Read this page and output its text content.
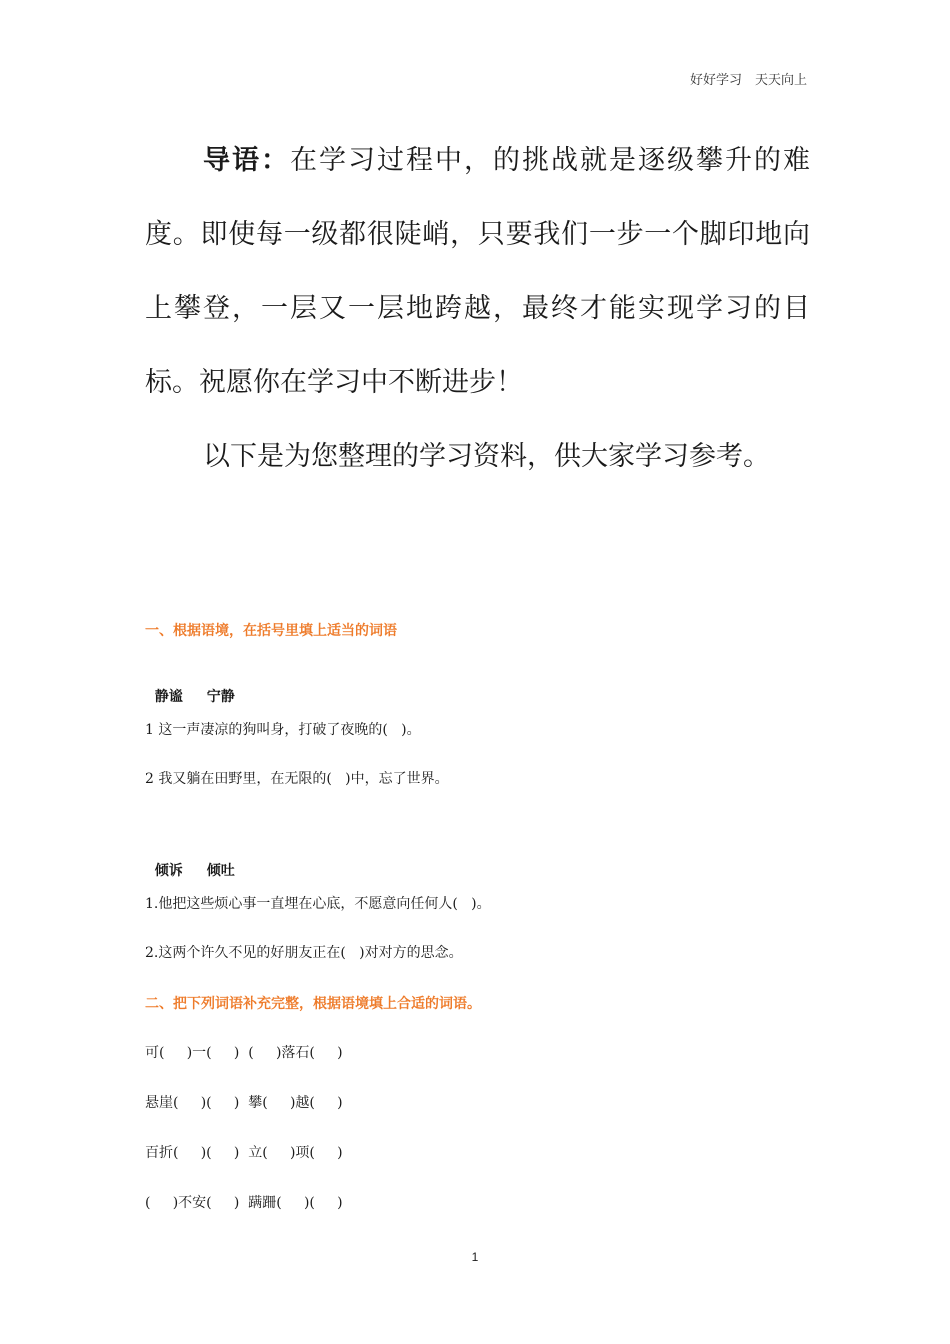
好好学习　天天向上

导语：在学习过程中，的挑战就是逐级攀升的难度。即使每一级都很陡峭，只要我们一步一个脚印地向上攀登，一层又一层地跨越，最终才能实现学习的目标。祝愿你在学习中不断进步！

以下是为您整理的学习资料，供大家学习参考。

一、根据语境，在括号里填上适当的词语

静谧 宁静

1 这一声凄凉的狗叫身，打破了夜晚的(   )。
2 我又躺在田野里，在无限的(   )中，忘了世界。

倾诉 倾吐

1.他把这些烦心事一直埋在心底，不愿意向任何人(   )。
2.这两个许久不见的好朋友正在(   )对对方的思念。
二、把下列词语补充完整，根据语境填上合适的词语。
可(     )一(     )  (     )落石(     )
悬崖(     )(     )  攀(     )越(     )
百折(     )(     )  立(     )项(     )
(     )不安(     )  蹒跚(     )(     )
1
